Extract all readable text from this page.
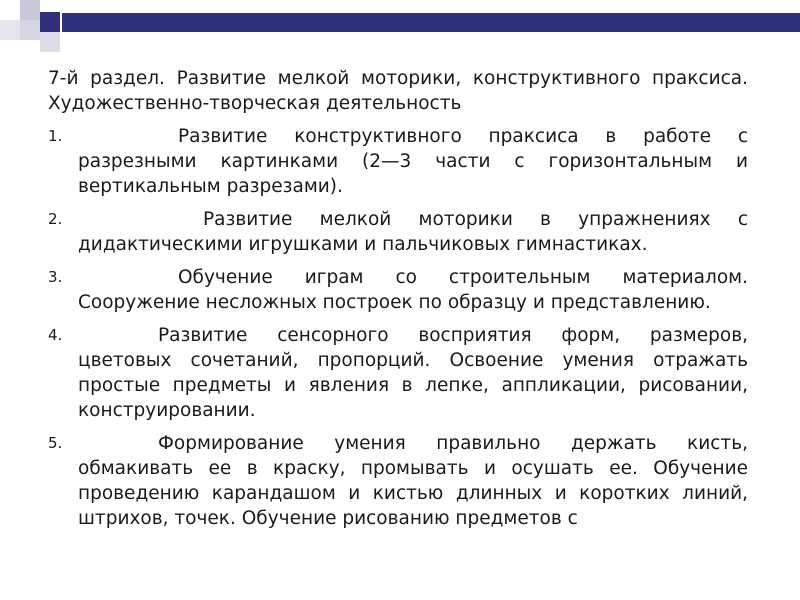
7-й раздел. Развитие мелкой моторики, конструктивного праксиса. Художественно-творческая деятельность

1.	Развитие конструктивного праксиса в работе с разрезными картинками (2—3 части с горизонтальным и вертикальным разрезами).
2.	Развитие мелкой моторики в упражнениях с дидактическими игрушками и пальчиковых гимнастиках.
3.	Обучение играм со строительным материалом. Сооружение несложных построек по образцу и представлению.
4.	Развитие сенсорного восприятия форм, размеров, цветовых сочетаний, пропорций. Освоение умения отражать простые предметы и явления в лепке, аппликации, рисовании, конструировании.
5.	Формирование умения правильно держать кисть, обмакивать ее в краску, промывать и осушать ее. Обучение проведению карандашом и кистью длинных и коротких линий, штрихов, точек. Обучение рисованию предметов с
